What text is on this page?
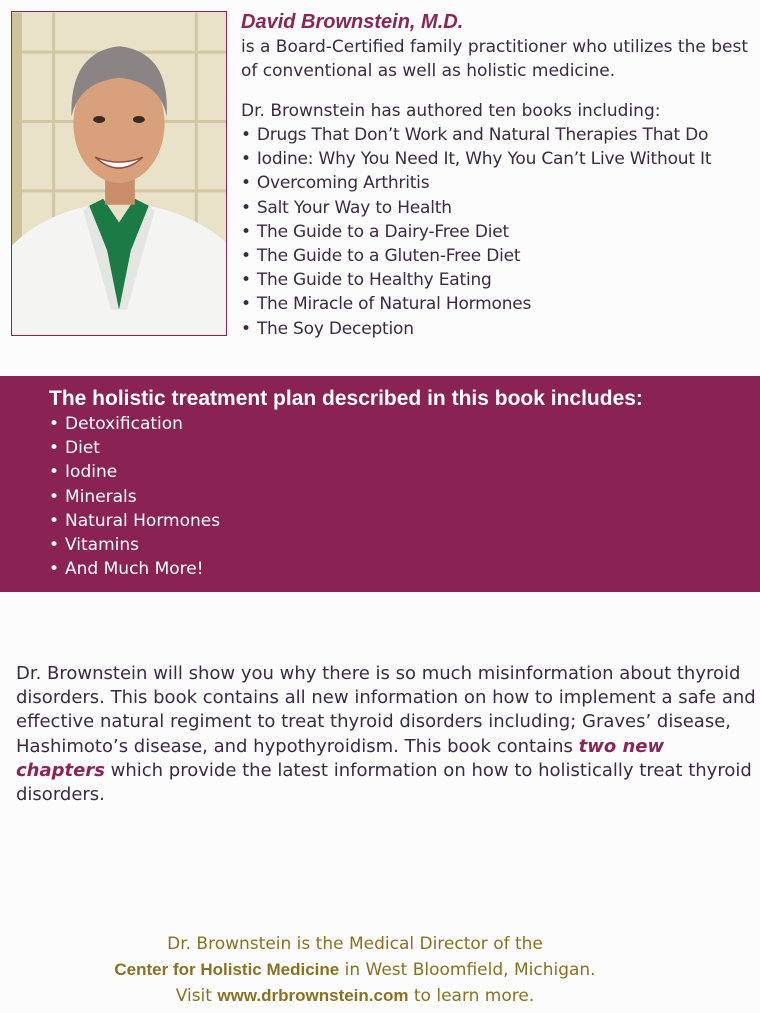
David Brownstein, M.D.
is a Board-Certified family practitioner who utilizes the best of conventional as well as holistic medicine.
Dr. Brownstein has authored ten books including:
• Drugs That Don’t Work and Natural Therapies That Do
• Iodine: Why You Need It, Why You Can’t Live Without It
• Overcoming Arthritis
• Salt Your Way to Health
• The Guide to a Dairy-Free Diet
• The Guide to a Gluten-Free Diet
• The Guide to Healthy Eating
• The Miracle of Natural Hormones
• The Soy Deception
The holistic treatment plan described in this book includes:
• Detoxification
• Diet
• Iodine
• Minerals
• Natural Hormones
• Vitamins
• And Much More!
Dr. Brownstein will show you why there is so much misinformation about thyroid disorders. This book contains all new information on how to implement a safe and effective natural regiment to treat thyroid disorders including; Graves’ disease, Hashimoto’s disease, and hypothyroidism. This book contains two new chapters which provide the latest information on how to holistically treat thyroid disorders.
Dr. Brownstein is the Medical Director of the
Center for Holistic Medicine in West Bloomfield, Michigan.
Visit www.drbrownstein.com to learn more.
